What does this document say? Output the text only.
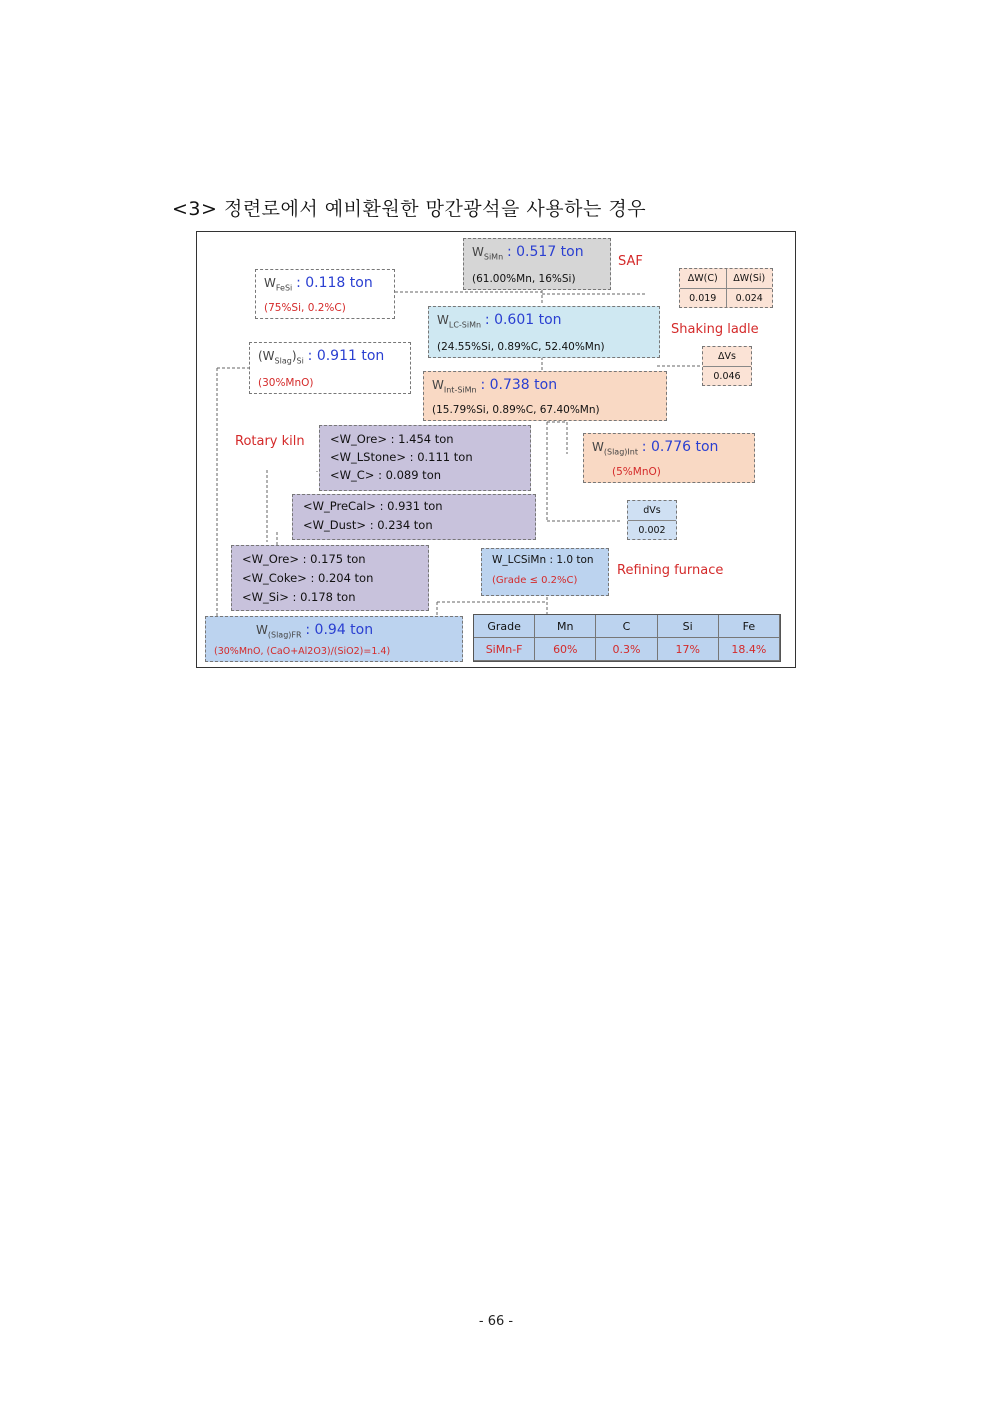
<3> 정련로에서 예비환원한 망간광석을 사용하는 경우
$W_{SiMn}$ : 0.517 ton
(61.00%Mn, 16%Si)
SAF
$W_{FeSi}$ : 0.118 ton
(75%Si, 0.2%C)
ΔW(C)	ΔW(Si)
0.019	0.024
Shaking ladle
$W_{LC-SiMn}$ : 0.601 ton
(24.55%Si, 0.89%C, 52.40%Mn)
$(W_{Slag})_{Si}$ : 0.911 ton
(30%MnO)
ΔVs
0.046
$W_{Int-SiMn}$ : 0.738 ton
(15.79%Si, 0.89%C, 67.40%Mn)
Rotary kiln <W_Ore> : 1.454 ton
<W_LStone> : 0.111 ton
<W_C> : 0.089 ton
$W_{(Slag)Int}$ : 0.776 ton
(5%MnO)
<W_PreCal> : 0.931 ton
<W_Dust> : 0.234 ton
dVs
0.002
<W_Ore> : 0.175 ton
<W_Coke> : 0.204 ton
<W_Si> : 0.178 ton
W_LCSiMn : 1.0 ton
(Grade ≤ 0.2%C)
Refining furnace
$W_{(Slag)FR}$ : 0.94 ton
(30%MnO, (CaO+Al2O3)/(SiO2)=1.4)
Grade	Mn	C	Si	Fe
SiMn-F	60%	0.3%	17%	18.4%
- 66 -
